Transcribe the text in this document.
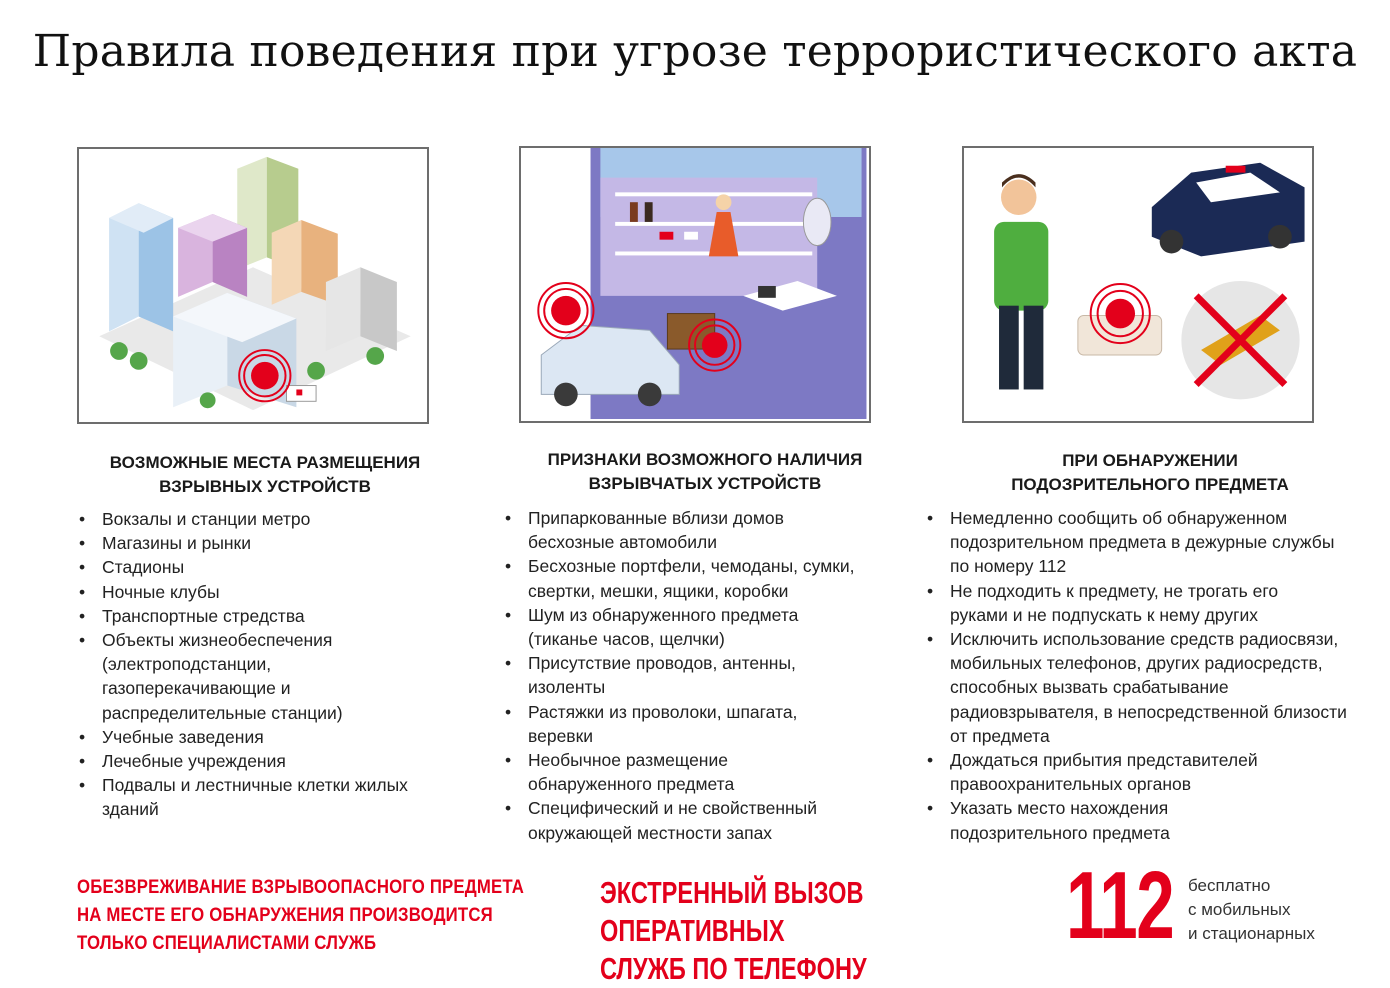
Правила поведения при угрозе террористического акта
ВОЗМОЖНЫЕ МЕСТА РАЗМЕЩЕНИЯ
ВЗРЫВНЫХ УСТРОЙСТВ
• Вокзалы и станции метро
• Магазины и рынки
• Стадионы
• Ночные клубы
• Транспортные стредства
• Объекты жизнеобеспечения (электроподстанции, газоперекачивающие и распределительные станции)
• Учебные заведения
• Лечебные учреждения
• Подвалы и лестничные клетки жилых зданий
ПРИЗНАКИ ВОЗМОЖНОГО НАЛИЧИЯ
ВЗРЫВЧАТЫХ УСТРОЙСТВ
• Припаркованные вблизи домов бесхозные автомобили
• Бесхозные портфели, чемоданы, сумки, свертки, мешки, ящики, коробки
• Шум из обнаруженного предмета (тиканье часов, щелчки)
• Присутствие проводов, антенны, изоленты
• Растяжки из проволоки, шпагата, веревки
• Необычное размещение обнаруженного предмета
• Специфический и не свойственный окружающей местности запах
ПРИ ОБНАРУЖЕНИИ
ПОДОЗРИТЕЛЬНОГО ПРЕДМЕТА
• Немедленно сообщить об обнаруженном подозрительном предмета в дежурные службы по номеру 112
• Не подходить к предмету, не трогать его руками и не подпускать к нему других
• Исключить использование средств радиосвязи, мобильных телефонов, других радиосредств, способных вызвать срабатывание радиовзрывателя, в непосредственной близости от предмета
• Дождаться прибытия представителей правоохранительных органов
• Указать место нахождения подозрительного предмета
ОБЕЗВРЕЖИВАНИЕ ВЗРЫВООПАСНОГО ПРЕДМЕТА
НА МЕСТЕ ЕГО ОБНАРУЖЕНИЯ ПРОИЗВОДИТСЯ
ТОЛЬКО СПЕЦИАЛИСТАМИ СЛУЖБ
ЭКСТРЕННЫЙ ВЫЗОВ ОПЕРАТИВНЫХ
СЛУЖБ ПО ТЕЛЕФОНУ
112 бесплатно
с мобильных
и стационарных
